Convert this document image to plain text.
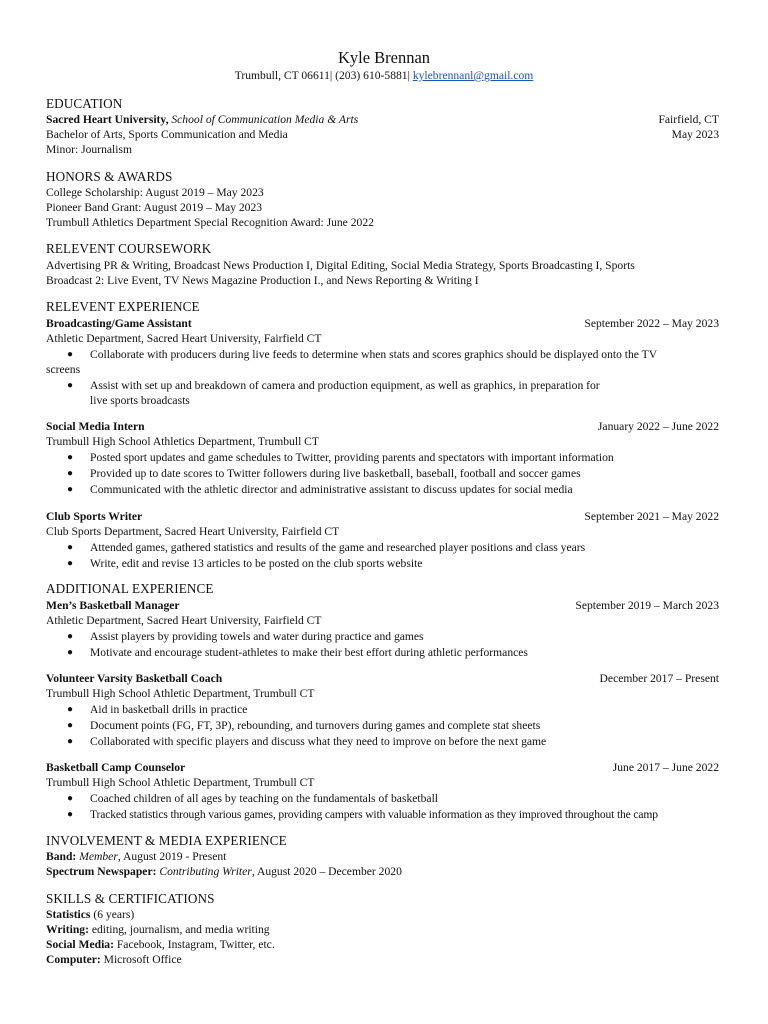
Kyle Brennan
Trumbull, CT 06611| (203) 610-5881| kylebrennanl@gmail.com
EDUCATION
Sacred Heart University, School of Communication Media & Arts	Fairfield, CT
Bachelor of Arts, Sports Communication and Media	May 2023
Minor: Journalism
HONORS & AWARDS
College Scholarship: August 2019 – May 2023
Pioneer Band Grant: August 2019 – May 2023
Trumbull Athletics Department Special Recognition Award: June 2022
RELEVENT COURSEWORK
Advertising PR & Writing, Broadcast News Production I, Digital Editing, Social Media Strategy, Sports Broadcasting I, Sports
Broadcast 2: Live Event, TV News Magazine Production I., and News Reporting & Writing I
RELEVENT EXPERIENCE
Broadcasting/Game Assistant	September 2022 – May 2023
Athletic Department, Sacred Heart University, Fairfield CT
● Collaborate with producers during live feeds to determine when stats and scores graphics should be displayed onto the TV
screens
● Assist with set up and breakdown of camera and production equipment, as well as graphics, in preparation for
live sports broadcasts
Social Media Intern	January 2022 – June 2022
Trumbull High School Athletics Department, Trumbull CT
● Posted sport updates and game schedules to Twitter, providing parents and spectators with important information
● Provided up to date scores to Twitter followers during live basketball, baseball, football and soccer games
● Communicated with the athletic director and administrative assistant to discuss updates for social media
Club Sports Writer	September 2021 – May 2022
Club Sports Department, Sacred Heart University, Fairfield CT
● Attended games, gathered statistics and results of the game and researched player positions and class years
● Write, edit and revise 13 articles to be posted on the club sports website
ADDITIONAL EXPERIENCE
Men’s Basketball Manager	September 2019 – March 2023
Athletic Department, Sacred Heart University, Fairfield CT
● Assist players by providing towels and water during practice and games
● Motivate and encourage student-athletes to make their best effort during athletic performances
Volunteer Varsity Basketball Coach	December 2017 – Present
Trumbull High School Athletic Department, Trumbull CT
● Aid in basketball drills in practice
● Document points (FG, FT, 3P), rebounding, and turnovers during games and complete stat sheets
● Collaborated with specific players and discuss what they need to improve on before the next game
Basketball Camp Counselor	June 2017 – June 2022
Trumbull High School Athletic Department, Trumbull CT
● Coached children of all ages by teaching on the fundamentals of basketball
● Tracked statistics through various games, providing campers with valuable information as they improved throughout the camp
INVOLVEMENT & MEDIA EXPERIENCE
Band: Member, August 2019 - Present
Spectrum Newspaper: Contributing Writer, August 2020 – December 2020
SKILLS & CERTIFICATIONS
Statistics (6 years)
Writing: editing, journalism, and media writing
Social Media: Facebook, Instagram, Twitter, etc.
Computer: Microsoft Office
